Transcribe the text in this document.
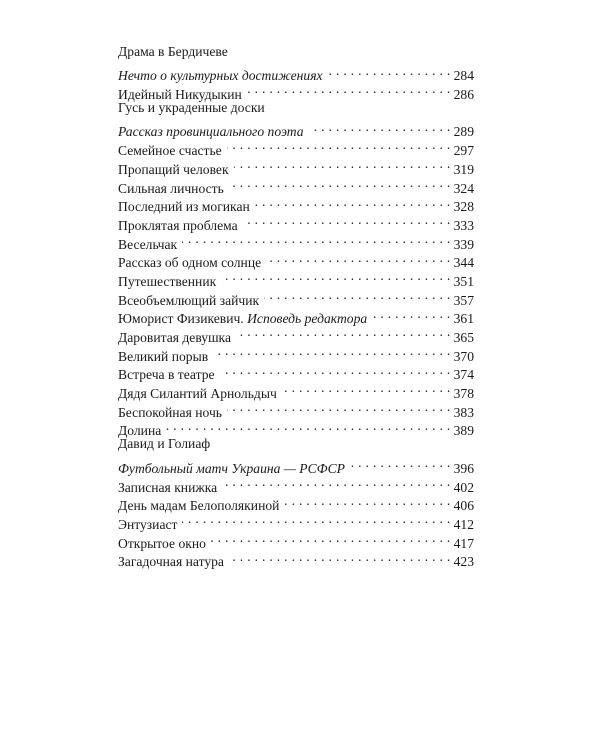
Драма в Бердичеве
Нечто о культурных достижениях . . .	284
Идейный Никудыкин . . .	286
Гусь и украденные доски
Рассказ провинциального поэта . . .	289
Семейное счастье . . .	297
Пропащий человек . . .	319
Сильная личность . . .	324
Последний из могикан . . .	328
Проклятая проблема . . .	333
Весельчак . . .	339
Рассказ об одном солнце . . .	344
Путешественник . . .	351
Всеобъемлющий зайчик . . .	357
Юморист Физикевич. Исповедь редактора . . .	361
Даровитая девушка . . .	365
Великий порыв . . .	370
Встреча в театре . . .	374
Дядя Силантий Арнольдыч . . .	378
Беспокойная ночь . . .	383
Долина . . .	389
Давид и Голиаф
Футбольный матч Украина — РСФСР . . .	396
Записная книжка . . .	402
День мадам Белополякиной . . .	406
Энтузиаст . . .	412
Открытое окно . . .	417
Загадочная натура . . .	423
